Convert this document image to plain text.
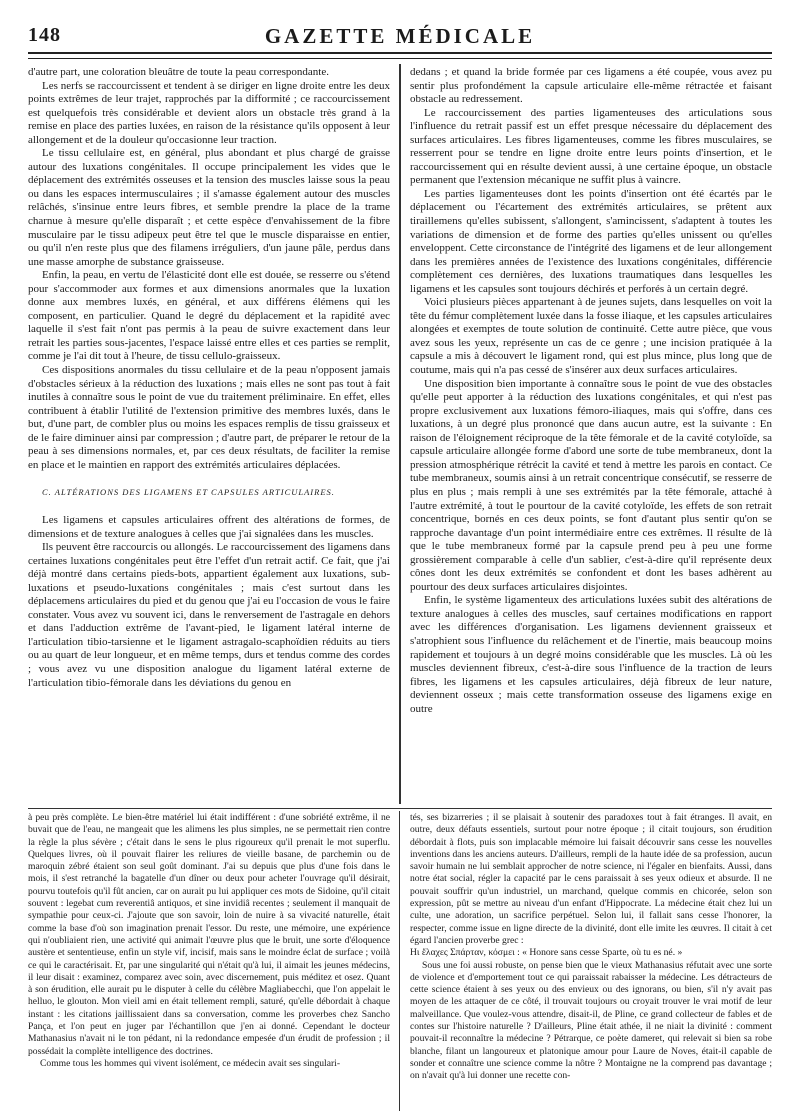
148	GAZETTE MÉDICALE

d'autre part, une coloration bleuâtre de toute la peau correspondante.

Les nerfs se raccourcissent et tendent à se diriger en ligne droite entre les deux points extrêmes de leur trajet, rapprochés par la difformité ; ce raccourcissement est quelquefois très considérable et devient alors un obstacle très grand à la remise en place des parties luxées, en raison de la résistance qu'ils opposent à leur allongement et de la douleur qu'occasionne leur traction.

Le tissu cellulaire est, en général, plus abondant et plus chargé de graisse autour des luxations congénitales. Il occupe principalement les vides que le déplacement des extrémités osseuses et la tension des muscles laisse sous la peau ou dans les espaces intermusculaires ; il s'amasse également autour des muscles relâchés, s'insinue entre leurs fibres, et semble prendre la place de la trame charnue à mesure qu'elle disparaît ; et cette espèce d'envahissement de la fibre musculaire par le tissu adipeux peut être tel que le muscle disparaisse en entier, ou qu'il n'en reste plus que des filamens irréguliers, d'un jaune pâle, perdus dans une masse amorphe de substance graisseuse.

Enfin, la peau, en vertu de l'élasticité dont elle est douée, se resserre ou s'étend pour s'accommoder aux formes et aux dimensions anormales que la luxation donne aux membres luxés, en général, et aux différens élémens qui les composent, en particulier. Quand le degré du déplacement et la rapidité avec laquelle il s'est fait n'ont pas permis à la peau de suivre exactement dans leur retrait les parties sous-jacentes, l'espace laissé entre elles et ces parties se remplit, comme je l'ai dit tout à l'heure, de tissu cellulo-graisseux.

Ces dispositions anormales du tissu cellulaire et de la peau n'opposent jamais d'obstacles sérieux à la réduction des luxations ; mais elles ne sont pas tout à fait inutiles à connaître sous le point de vue du traitement préliminaire. En effet, elles contribuent à établir l'utilité de l'extension primitive des membres luxés, dans le but, d'une part, de combler plus ou moins les espaces remplis de tissu graisseux et de le faire diminuer ainsi par compression ; d'autre part, de préparer le retour de la peau à ses dimensions normales, et, par ces deux résultats, de faciliter la remise en place et le maintien en rapport des extrémités articulaires déplacées.

C. ALTÉRATIONS DES LIGAMENS ET CAPSULES ARTICULAIRES.

Les ligamens et capsules articulaires offrent des altérations de formes, de dimensions et de texture analogues à celles que j'ai signalées dans les muscles.

Ils peuvent être raccourcis ou allongés. Le raccourcissement des ligamens dans certaines luxations congénitales peut être l'effet d'un retrait actif. Ce fait, que j'ai déjà montré dans certains pieds-bots, appartient également aux luxations, sub-luxations et pseudo-luxations congénitales ; mais c'est surtout dans les déplacemens articulaires du pied et du genou que j'ai eu l'occasion de vous le faire constater. Vous avez vu souvent ici, dans le renversement de l'astragale en dehors et dans l'adduction extrême de l'avant-pied, le ligament latéral interne de l'articulation tibio-tarsienne et le ligament astragalo-scaphoïdien réduits au tiers ou au quart de leur longueur, et en même temps, durs et tendus comme des cordes ; vous avez vu une disposition analogue du ligament latéral externe de l'articulation tibio-fémorale dans les déviations du genou en

dedans ; et quand la bride formée par ces ligamens a été coupée, vous avez pu sentir plus profondément la capsule articulaire elle-même rétractée et faisant obstacle au redressement.

Le raccourcissement des parties ligamenteuses des articulations sous l'influence du retrait passif est un effet presque nécessaire du déplacement des surfaces articulaires. Les fibres ligamenteuses, comme les fibres musculaires, se resserrent pour se tendre en ligne droite entre leurs points d'insertion, et le raccourcissement qui en résulte devient aussi, à une certaine époque, un obstacle permanent que l'extension mécanique ne suffit plus à vaincre.

Les parties ligamenteuses dont les points d'insertion ont été écartés par le déplacement ou l'écartement des extrémités articulaires, se prêtent aux tiraillemens qu'elles subissent, s'allongent, s'amincissent, s'adaptent à toutes les variations de dimension et de forme des parties qu'elles unissent ou qu'elles enveloppent. Cette circonstance de l'intégrité des ligamens et de leur allongement dans les premières années de l'existence des luxations congénitales, différencie complètement ces dernières, des luxations traumatiques dans lesquelles les ligamens et les capsules sont toujours déchirés et perforés à un certain degré.

Voici plusieurs pièces appartenant à de jeunes sujets, dans lesquelles on voit la tête du fémur complètement luxée dans la fosse iliaque, et les capsules articulaires alongées et exemptes de toute solution de continuité. Cette autre pièce, que vous avez sous les yeux, représente un cas de ce genre ; une incision pratiquée à la capsule a mis à découvert le ligament rond, qui est plus mince, plus long que de coutume, mais qui n'a pas cessé de s'insérer aux deux surfaces articulaires.

Une disposition bien importante à connaître sous le point de vue des obstacles qu'elle peut apporter à la réduction des luxations congénitales, et qui n'est pas propre exclusivement aux luxations fémoro-iliaques, mais qui s'offre, dans ces luxations, à un degré plus prononcé que dans aucun autre, est la suivante : En raison de l'éloignement réciproque de la tête fémorale et de la cavité cotyloïde, sa capsule articulaire allongée forme d'abord une sorte de tube membraneux, dont la pression atmosphérique rétrécit la cavité et tend à mettre les parois en contact. Ce tube membraneux, soumis ainsi à un retrait concentrique consécutif, se resserre de plus en plus ; mais rempli à une ses extrémités par la tête fémorale, attaché à l'autre extrémité, à tout le pourtour de la cavité cotyloïde, les effets de son retrait concentrique, bornés en ces deux points, se font d'autant plus sentir qu'on se rapproche davantage d'un point intermédiaire entre ces extrêmes. Il résulte de là que le tube membraneux formé par la capsule prend peu à peu une forme grossièrement comparable à celle d'un sablier, c'est-à-dire qu'il représente deux cônes dont les deux extrémités se confondent et dont les bases adhèrent au pourtour des deux surfaces articulaires disjointes.

Enfin, le système ligamenteux des articulations luxées subit des altérations de texture analogues à celles des muscles, sauf certaines modifications en rapport avec les différences d'organisation. Les ligamens deviennent graisseux et s'atrophient sous l'influence du relâchement et de l'inertie, mais beaucoup moins rapidement et toujours à un degré moins considérable que les muscles. Là où les muscles deviennent fibreux, c'est-à-dire sous l'influence de la traction de leurs fibres, les ligamens et les capsules articulaires, déjà fibreux de leur nature, deviennent osseux ; mais cette transformation osseuse des ligamens exige en outre

à peu près complète. Le bien-être matériel lui était indifférent : d'une sobriété extrême, il ne buvait que de l'eau, ne mangeait que les alimens les plus simples, ne se permettait rien contre la règle la plus sévère ; c'était dans le sens le plus rigoureux qu'il prenait le mot superflu. Quelques livres, où il pouvait flairer les reliures de vieille basane, de parchemin ou de maroquin zébré étaient son seul goût dominant. J'ai su depuis que plus d'une fois dans le mois, il s'est retranché la bagatelle d'un dîner ou deux pour acheter l'ouvrage qu'il désirait, pourvu toutefois qu'il fût ancien, car on aurait pu lui appliquer ces mots de Sidoine, qu'il citait souvent : legebat cum reverentiâ antiquos, et sine invidiâ recentes ; seulement il manquait de sympathie pour ceux-ci. J'ajoute que son savoir, loin de nuire à sa vivacité naturelle, était comme la base d'où son imagination prenait l'essor. Du reste, une mémoire, une expérience qui n'oubliaient rien, une activité qui animait l'œuvre plus que le bruit, une sorte d'éloquence austère et sententieuse, enfin un style vif, incisif, mais sans le moindre éclat de surface ; voilà ce qui le caractérisait. Et, par une singularité qui n'était qu'à lui, il aimait les jeunes médecins, il leur disait : examinez, comparez avec soin, avec discernement, puis méditez et osez. Quant à son érudition, elle aurait pu le disputer à celle du célèbre Magliabecchi, que l'on appelait le helluo, le glouton. Mon vieil ami en était tellement rempli, saturé, qu'elle débordait à chaque instant : les citations jaillissaient dans sa conversation, comme les proverbes chez Sancho Pança, et l'on peut en juger par l'échantillon que j'en ai donné. Cependant le docteur Mathanasius n'avait ni le ton pédant, ni la redondance empesée d'un érudit de profession ; il possédait la complète intelligence des doctrines.

Comme tous les hommes qui vivent isolément, ce médecin avait ses singulari-

tés, ses bizarreries ; il se plaisait à soutenir des paradoxes tout à fait étranges. Il avait, en outre, deux défauts essentiels, surtout pour notre époque ; il citait toujours, son érudition débordait à flots, puis son implacable mémoire lui faisait découvrir sans cesse les nouvelles inventions dans les anciens auteurs. D'ailleurs, rempli de la haute idée de sa profession, aucun savoir humain ne lui semblait approcher de notre science, ni l'égaler en bienfaits. Aussi, dans notre état social, régler la capacité par le cens paraissait à ses yeux odieux et absurde. Il ne pouvait souffrir qu'un industriel, un marchand, quelque commis en chicorée, selon son expression, pût se mettre au niveau d'un enfant d'Hippocrate. La médecine était chez lui un culte, une adoration, un sacrifice perpétuel. Selon lui, il fallait sans cesse l'honorer, la respecter, comme issue en ligne directe de la divinité, dont elle imite les œuvres. Il citait à cet égard l'ancien proverbe grec :

Ηι ἔλαχες Σπάρταν, κόσμει : « Honore sans cesse Sparte, où tu es né. »

Sous une foi aussi robuste, on pense bien que le vieux Mathanasius réfutait avec une sorte de violence et d'emportement tout ce qui paraissait rabaisser la médecine. Les détracteurs de cette science étaient à ses yeux ou des envieux ou des ignorans, ou bien, s'il n'y avait pas moyen de les attaquer de ce côté, il trouvait toujours ou croyait trouver le vrai motif de leur malveillance. Que voulez-vous attendre, disait-il, de Pline, ce grand collecteur de fables et de contes sur l'histoire naturelle ? D'ailleurs, Pline était athée, il ne niait la divinité : comment pouvait-il reconnaître la médecine ? Pétrarque, ce poète dameret, qui relevait si bien sa robe blanche, filant un langoureux et platonique amour pour Laure de Noves, était-il capable de sonder et connaître une science comme la nôtre ? Montaigne ne la comprend pas davantage ; on n'avait qu'à lui donner une recette con-
